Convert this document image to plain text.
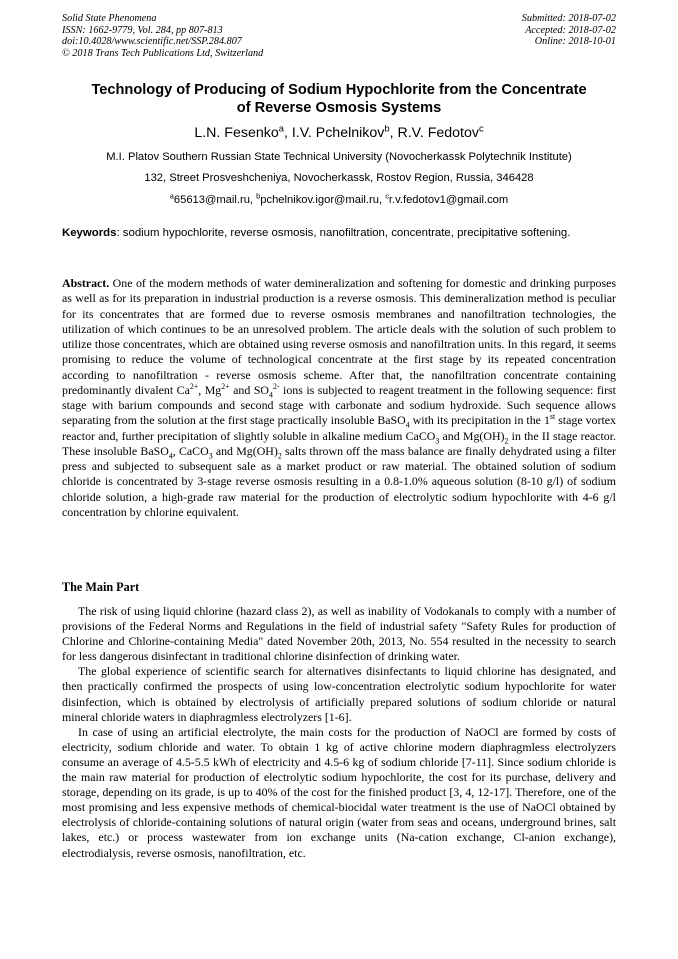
Solid State Phenomena
ISSN: 1662-9779, Vol. 284, pp 807-813
doi:10.4028/www.scientific.net/SSP.284.807
© 2018 Trans Tech Publications Ltd, Switzerland
Submitted: 2018-07-02
Accepted: 2018-07-02
Online: 2018-10-01
Technology of Producing of Sodium Hypochlorite from the Concentrate
of Reverse Osmosis Systems
L.N. Fesenko$^a$, I.V. Pchelnikov$^b$, R.V. Fedotov$^c$
M.I. Platov Southern Russian State Technical University (Novocherkassk Polytechnik Institute)
132, Street Prosveshcheniya, Novocherkassk, Rostov Region, Russia, 346428
$^a$65613@mail.ru, $^b$pchelnikov.igor@mail.ru, $^c$r.v.fedotov1@gmail.com
Keywords: sodium hypochlorite, reverse osmosis, nanofiltration, concentrate, precipitative softening.

Abstract. One of the modern methods of water demineralization and softening for domestic and drinking purposes as well as for its preparation in industrial production is a reverse osmosis. This demineralization method is peculiar for its concentrates that are formed due to reverse osmosis membranes and nanofiltration technologies, the utilization of which continues to be an unresolved problem. The article deals with the solution of such problem to utilize those concentrates, which are obtained using reverse osmosis and nanofiltration units. In this regard, it seems promising to reduce the volume of technological concentrate at the first stage by its repeated concentration according to nanofiltration - reverse osmosis scheme. After that, the nanofiltration concentrate containing predominantly divalent $Ca^{2+}$, $Mg^{2+}$ and $SO_4^{2-}$ ions is subjected to reagent treatment in the following sequence: first stage with barium compounds and second stage with carbonate and sodium hydroxide. Such sequence allows separating from the solution at the first stage practically insoluble BaSO$_4$ with its precipitation in the 1st stage vortex reactor and, further precipitation of slightly soluble in alkaline medium CaCO$_3$ and $Mg(OH)_2$ in the II stage reactor. These insoluble BaSO$_4$, CaCO$_3$ and $Mg(OH)_2$ salts thrown off the mass balance are finally dehydrated using a filter press and subjected to subsequent sale as a market product or raw material. The obtained solution of sodium chloride is concentrated by 3-stage reverse osmosis resulting in a 0.8-1.0% aqueous solution (8-10 g/l) of sodium chloride solution, a high-grade raw material for the production of electrolytic sodium hypochlorite with 4-6 g/l concentration by chlorine equivalent.

The Main Part

The risk of using liquid chlorine (hazard class 2), as well as inability of Vodokanals to comply with a number of provisions of the Federal Norms and Regulations in the field of industrial safety "Safety Rules for production of Chlorine and Chlorine-containing Media" dated November 20th, 2013, No. 554 resulted in the necessity to search for less dangerous disinfectant in traditional chlorine disinfection of drinking water.

The global experience of scientific search for alternatives disinfectants to liquid chlorine has designated, and then practically confirmed the prospects of using low-concentration electrolytic sodium hypochlorite for water disinfection, which is obtained by electrolysis of artificially prepared solutions of sodium chloride or natural mineral chloride waters in diaphragmless electrolyzers [1-6].

In case of using an artificial electrolyte, the main costs for the production of NaOCl are formed by costs of electricity, sodium chloride and water. To obtain 1 kg of active chlorine modern diaphragmless electrolyzers consume an average of 4.5-5.5 kWh of electricity and 4.5-6 kg of sodium chloride [7-11]. Since sodium chloride is the main raw material for production of electrolytic sodium hypochlorite, the cost for its purchase, delivery and storage, depending on its grade, is up to 40% of the cost for the finished product [3, 4, 12-17]. Therefore, one of the most promising and less expensive methods of chemical-biocidal water treatment is the use of NaOCl obtained by electrolysis of chloride-containing solutions of natural origin (water from seas and oceans, underground brines, salt lakes, etc.) or process wastewater from ion exchange units (Na-cation exchange, Cl-anion exchange), electrodialysis, reverse osmosis, nanofiltration, etc.
